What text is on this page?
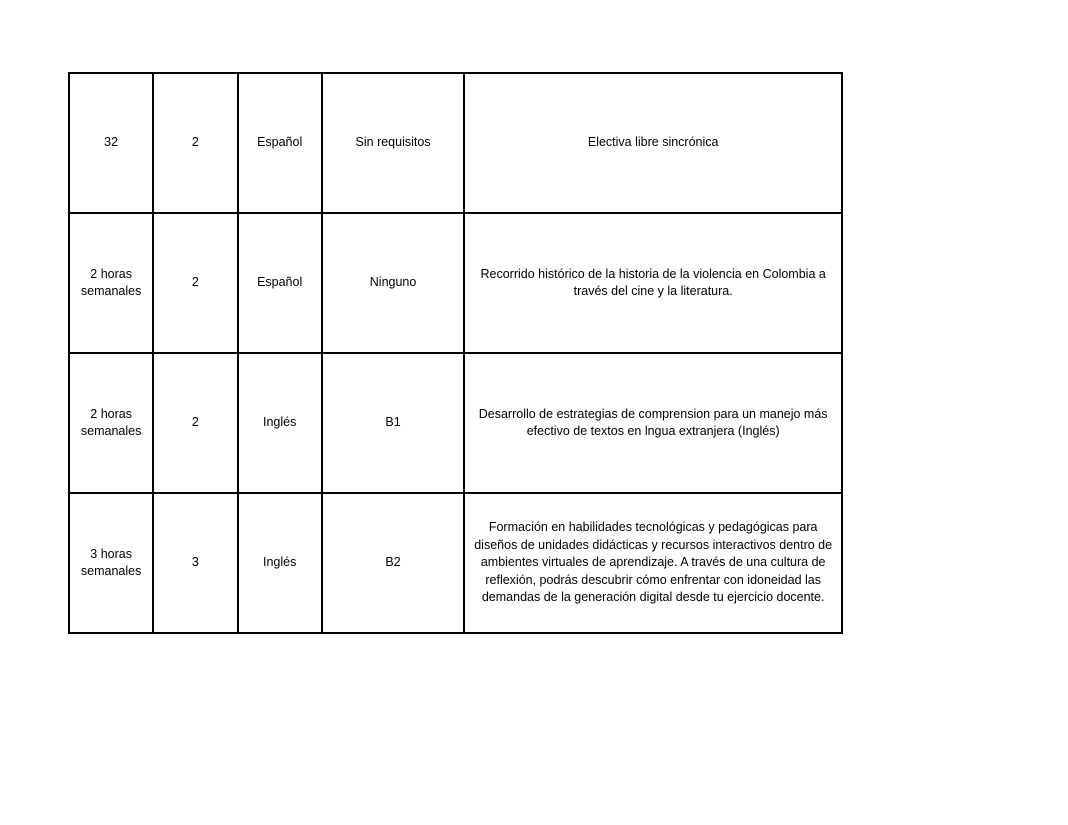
32	2	Español	Sin requisitos	Electiva libre sincrónica
2 horas semanales	2	Español	Ninguno	Recorrido histórico de la historia de la violencia en Colombia a través del cine y la literatura.
2 horas semanales	2	Inglés	B1	Desarrollo de estrategias de comprension para un manejo más efectivo de textos en lngua extranjera (Inglés)
3 horas semanales	3	Inglés	B2	Formación en habilidades tecnológicas y pedagógicas para diseños de unidades didácticas y recursos interactivos dentro de ambientes virtuales de aprendizaje. A través de una cultura de reflexión, podrás descubrir cómo enfrentar con idoneidad las demandas de la generación digital desde tu ejercicio docente.
